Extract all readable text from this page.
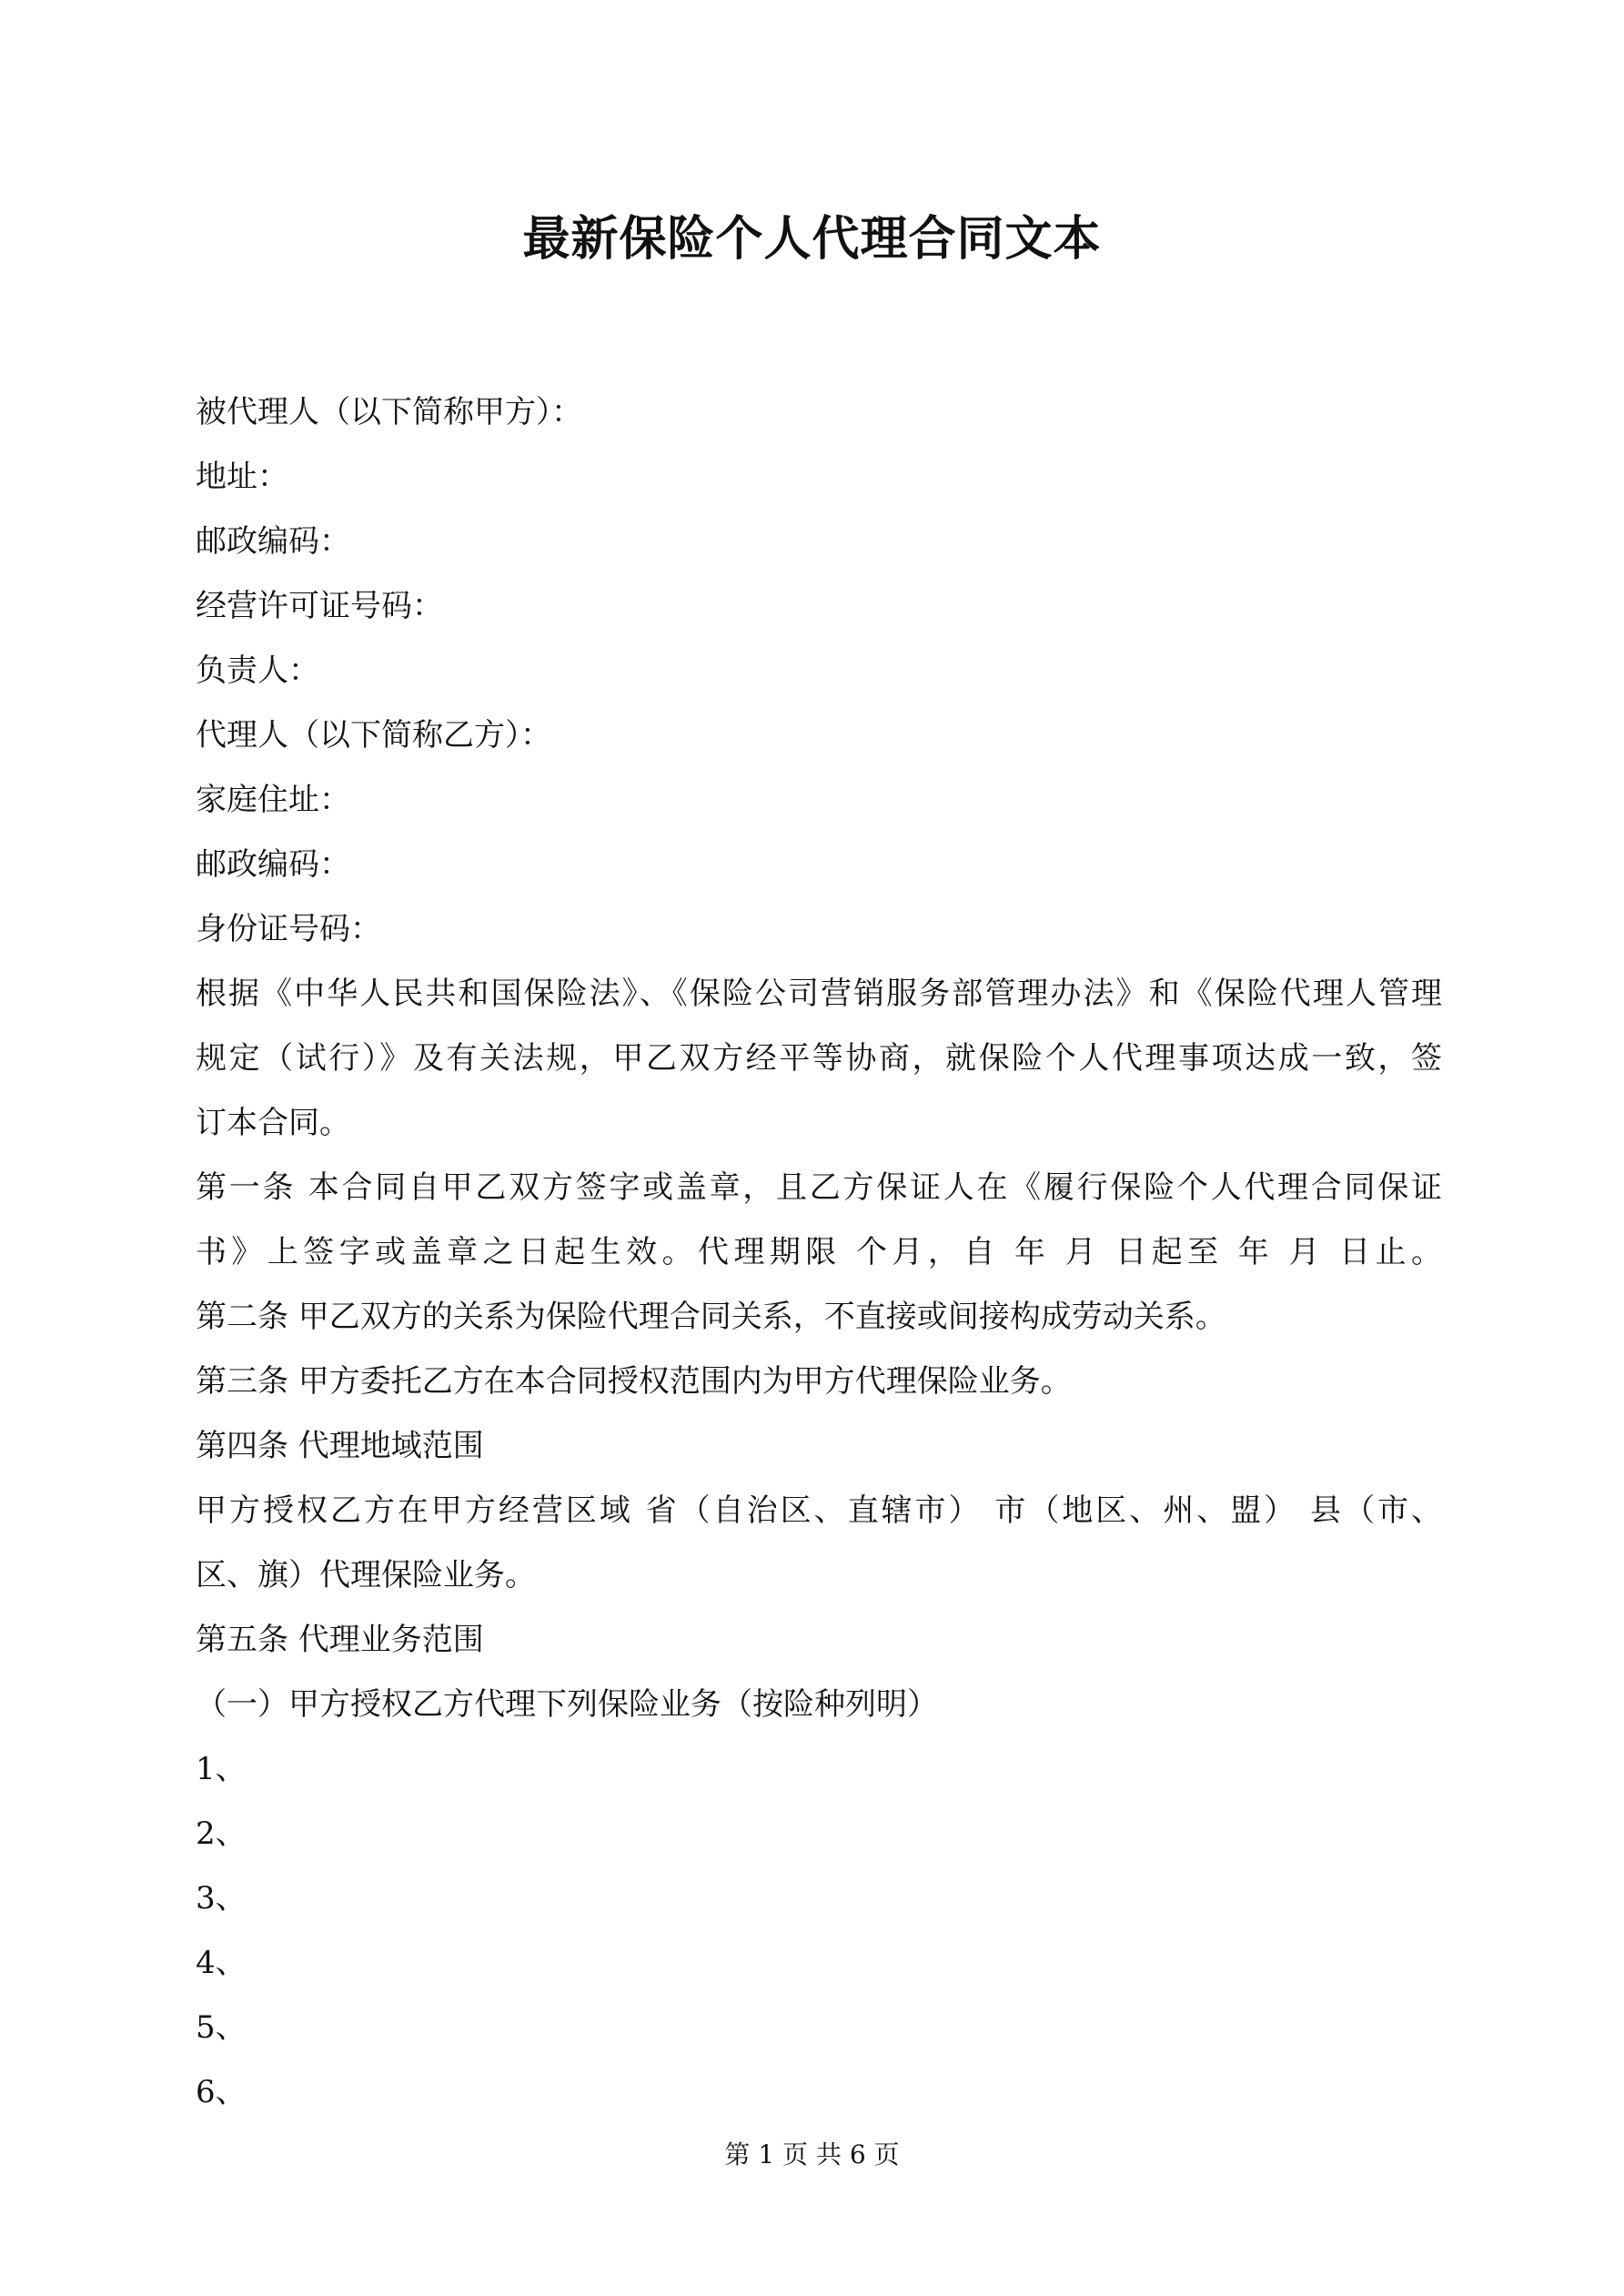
最新保险个人代理合同文本
被代理人（以下简称甲方）：
地址：
邮政编码：
经营许可证号码：
负责人：
代理人（以下简称乙方）：
家庭住址：
邮政编码：
身份证号码：
根据《中华人民共和国保险法》、《保险公司营销服务部管理办法》和《保险代理人管理
规定（试行）》及有关法规，甲乙双方经平等协商，就保险个人代理事项达成一致，签
订本合同。
第一条 本合同自甲乙双方签字或盖章，且乙方保证人在《履行保险个人代理合同保证
书》上签字或盖章之日起生效。代理期限 个月，自 年 月 日起至 年 月 日止。
第二条 甲乙双方的关系为保险代理合同关系，不直接或间接构成劳动关系。
第三条 甲方委托乙方在本合同授权范围内为甲方代理保险业务。
第四条 代理地域范围
甲方授权乙方在甲方经营区域 省（自治区、直辖市） 市（地区、州、盟） 县（市、
区、旗）代理保险业务。
第五条 代理业务范围
（一）甲方授权乙方代理下列保险业务（按险种列明）
1、
2、
3、
4、
5、
6、
第 1 页 共 6 页
